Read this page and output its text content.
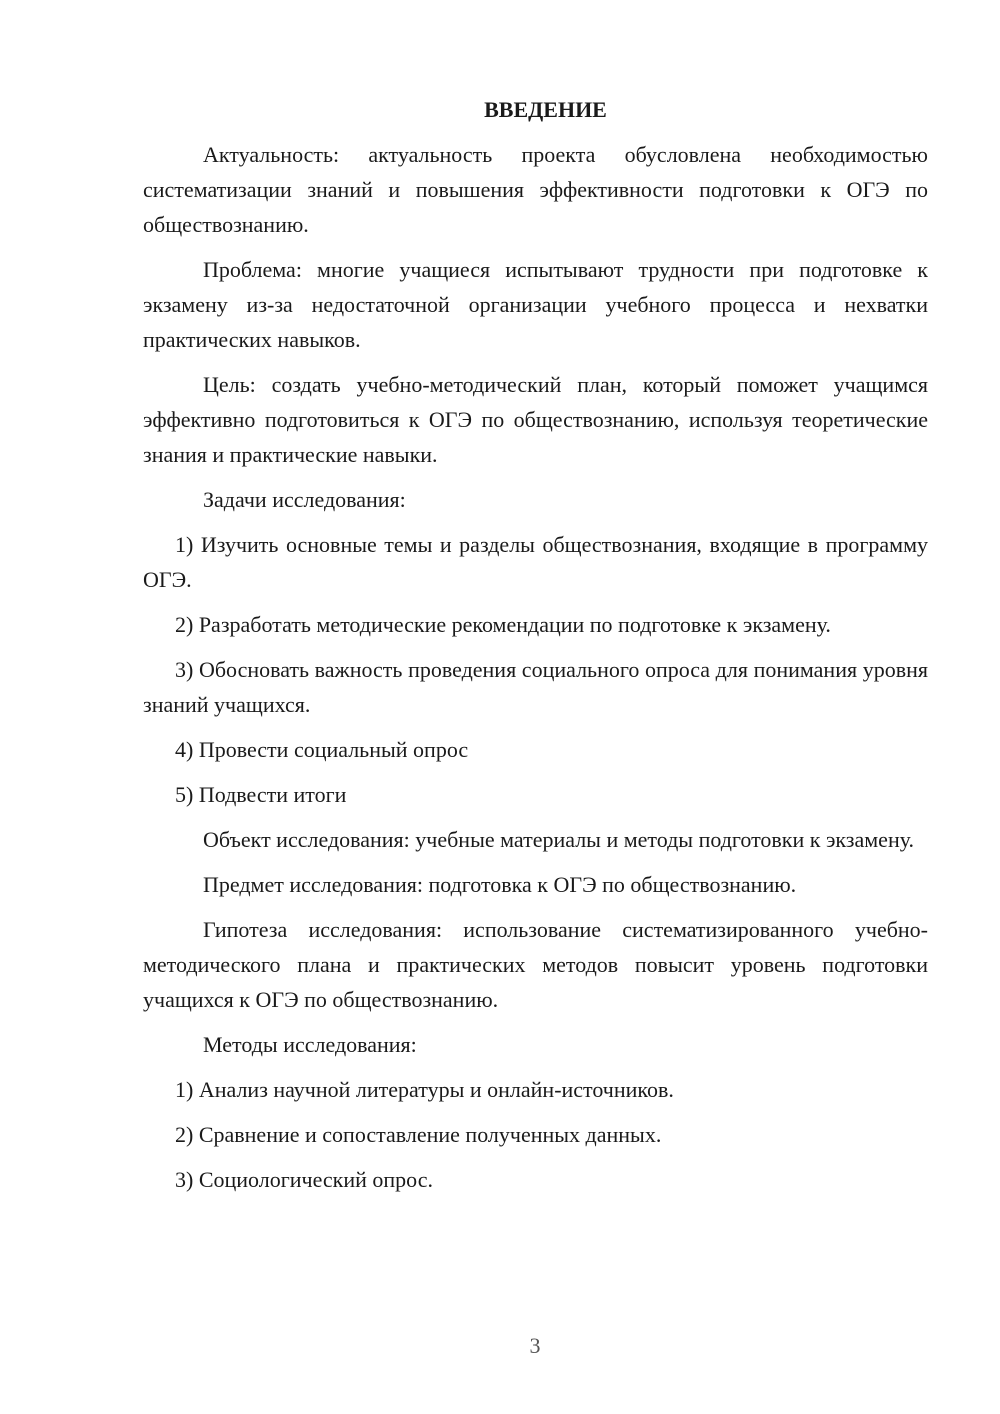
ВВЕДЕНИЕ

Актуальность: актуальность проекта обусловлена необходимостью систематизации знаний и повышения эффективности подготовки к ОГЭ по обществознанию.

Проблема: многие учащиеся испытывают трудности при подготовке к экзамену из-за недостаточной организации учебного процесса и нехватки практических навыков.

Цель: создать учебно-методический план, который поможет учащимся эффективно подготовиться к ОГЭ по обществознанию, используя теоретические знания и практические навыки.

Задачи исследования:

1) Изучить основные темы и разделы обществознания, входящие в программу ОГЭ.

2) Разработать методические рекомендации по подготовке к экзамену.

3) Обосновать важность проведения социального опроса для понимания уровня знаний учащихся.

4) Провести социальный опрос

5) Подвести итоги

Объект исследования: учебные материалы и методы подготовки к экзамену.

Предмет исследования: подготовка к ОГЭ по обществознанию.

Гипотеза исследования: использование систематизированного учебно-методического плана и практических методов повысит уровень подготовки учащихся к ОГЭ по обществознанию.

Методы исследования:

1) Анализ научной литературы и онлайн-источников.

2) Сравнение и сопоставление полученных данных.

3) Социологический опрос.

3
